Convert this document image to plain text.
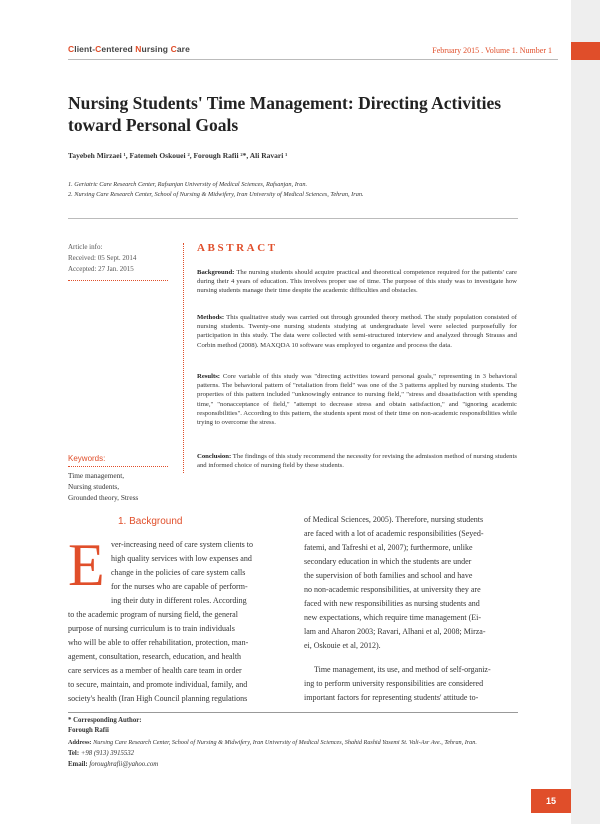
Client-Centered Nursing Care	February 2015 . Volume 1. Number 1
Nursing Students' Time Management: Directing Activities toward Personal Goals
Tayebeh Mirzaei ¹, Fatemeh Oskouei ², Forough Rafii ²*, Ali Ravari ¹
1. Geriatric Care Research Center, Rafsanjan University of Medical Sciences, Rafsanjan, Iran.
2. Nursing Care Research Center, School of Nursing & Midwifery, Iran University of Medical Sciences, Tehran, Iran.
Article info:
Received: 05 Sept. 2014
Accepted: 27 Jan. 2015
Keywords:
Time management,
Nursing students,
Grounded theory, Stress
ABSTRACT
Background: The nursing students should acquire practical and theoretical competence required for the patients' care during their 4 years of education. This involves proper use of time. The purpose of this study was to investigate how nursing students manage their time despite the academic difficulties and obstacles.
Methods: This qualitative study was carried out through grounded theory method. The study population consisted of nursing students. Twenty-one nursing students studying at undergraduate level were selected purposefully for participation in this study. The data were collected with semi-structured interview and analyzed through Strauss and Corbin method (2008). MAXQDA 10 software was employed to organize and process the data.
Results: Core variable of this study was "directing activities toward personal goals," representing in 3 behavioral patterns. The behavioral pattern of "retaliation from field" was one of the 3 patterns applied by nursing students. The properties of this pattern included "unknowingly entrance to nursing field," "stress and dissatisfaction with spending time," "nonacceptance of field," "attempt to decrease stress and obtain satisfaction," and "ignoring academic responsibilities". According to this pattern, the students spent most of their time on non-academic responsibilities while trying to overcome the stress.
Conclusion: The findings of this study recommend the necessity for revising the admission method of nursing students and informed choice of nursing field by these students.
1. Background
E ver-increasing need of care system clients to
high quality services with low expenses and
change in the policies of care system calls
for the nurses who are capable of perform-
ing their duty in different roles. According
to the academic program of nursing field, the general
purpose of nursing curriculum is to train individuals
who will be able to offer rehabilitation, protection, man-
agement, consultation, research, education, and health
care services as a member of health care team in order
to secure, maintain, and promote individual, family, and
society's health (Iran High Council planning regulations
of Medical Sciences, 2005). Therefore, nursing students
are faced with a lot of academic responsibilities (Seyed-
fatemi, and Tafreshi et al, 2007); furthermore, unlike
secondary education in which the students are under
the supervision of both families and school and have
no non-academic responsibilities, at university they are
faced with new responsibilities as nursing students and
new expectations, which require time management (Ei-
lam and Aharon 2003; Ravari, Alhani et al, 2008; Mirza-
ei, Oskouie et al, 2012).
Time management, its use, and method of self-organiz-
ing to perform university responsibilities are considered
important factors for representing students' attitude to-
* Corresponding Author:
Forough Rafii
Address: Nursing Care Research Center, School of Nursing & Midwifery, Iran University of Medical Sciences, Shahid Rashid Yasemi St. Vali-Asr Ave., Tehran, Iran.
Tel: +98 (913) 3915532
Email: foroughrafii@yahoo.com
15
